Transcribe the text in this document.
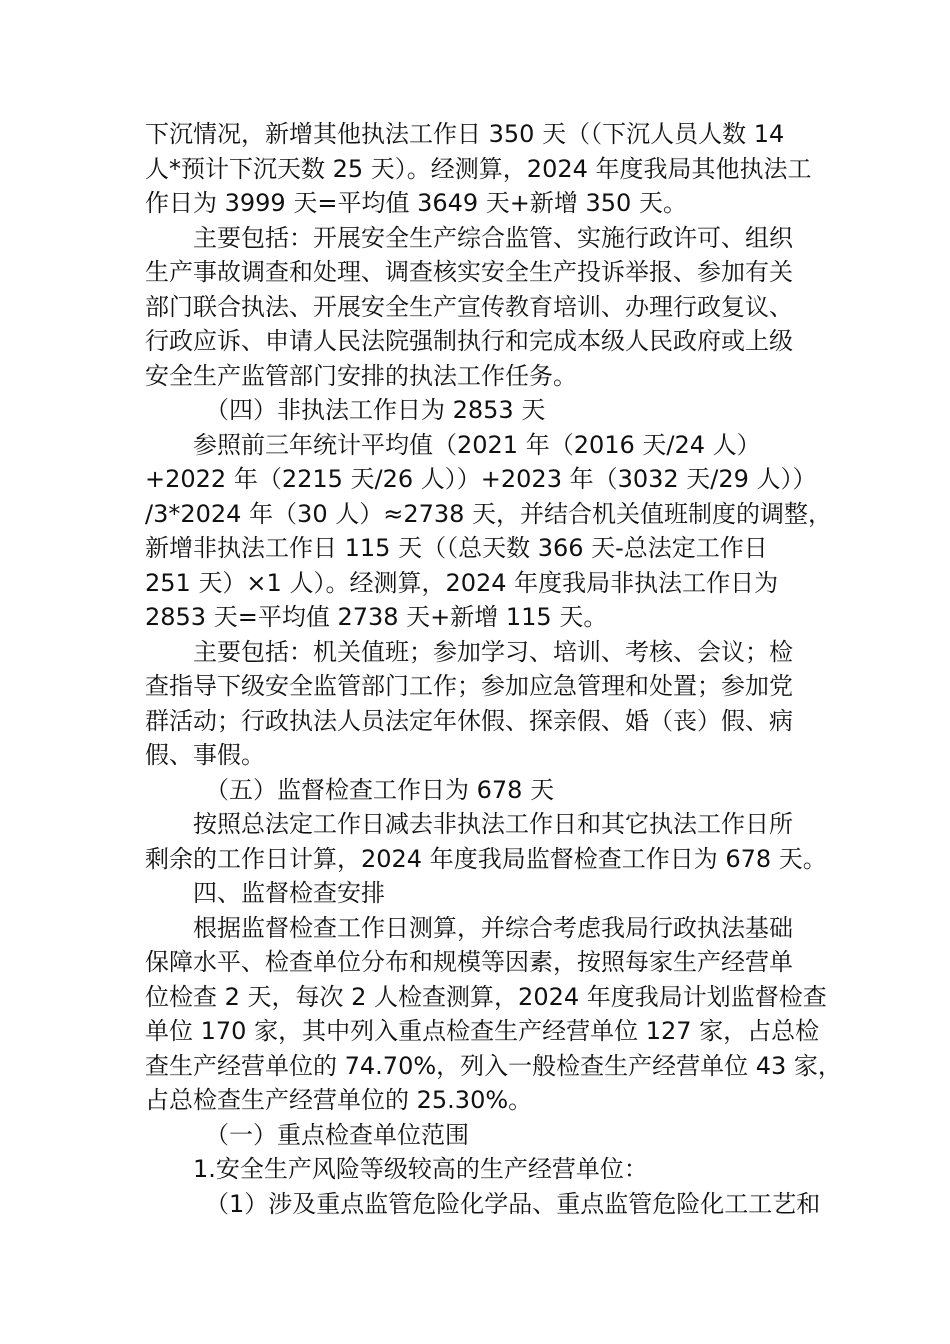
下沉情况，新增其他执法工作日 350 天（（下沉人员人数 14
人*预计下沉天数 25 天）。经测算，2024 年度我局其他执法工
作日为 3999 天=平均值 3649 天+新增 350 天。
主要包括：开展安全生产综合监管、实施行政许可、组织
生产事故调查和处理、调查核实安全生产投诉举报、参加有关
部门联合执法、开展安全生产宣传教育培训、办理行政复议、
行政应诉、申请人民法院强制执行和完成本级人民政府或上级
安全生产监管部门安排的执法工作任务。
（四）非执法工作日为 2853 天
参照前三年统计平均值（2021 年（2016 天/24 人）
+2022 年（2215 天/26 人））+2023 年（3032 天/29 人））
/3*2024 年（30 人）≈2738 天，并结合机关值班制度的调整，
新增非执法工作日 115 天（（总天数 366 天-总法定工作日
251 天）×1 人）。经测算，2024 年度我局非执法工作日为
2853 天=平均值 2738 天+新增 115 天。
主要包括：机关值班；参加学习、培训、考核、会议；检
查指导下级安全监管部门工作；参加应急管理和处置；参加党
群活动；行政执法人员法定年休假、探亲假、婚（丧）假、病
假、事假。
（五）监督检查工作日为 678 天
按照总法定工作日减去非执法工作日和其它执法工作日所
剩余的工作日计算，2024 年度我局监督检查工作日为 678 天。
四、监督检查安排
根据监督检查工作日测算，并综合考虑我局行政执法基础
保障水平、检查单位分布和规模等因素，按照每家生产经营单
位检查 2 天，每次 2 人检查测算，2024 年度我局计划监督检查
单位 170 家，其中列入重点检查生产经营单位 127 家，占总检
查生产经营单位的 74.70%，列入一般检查生产经营单位 43 家，
占总检查生产经营单位的 25.30%。
（一）重点检查单位范围
1.安全生产风险等级较高的生产经营单位：
（1）涉及重点监管危险化学品、重点监管危险化工工艺和
